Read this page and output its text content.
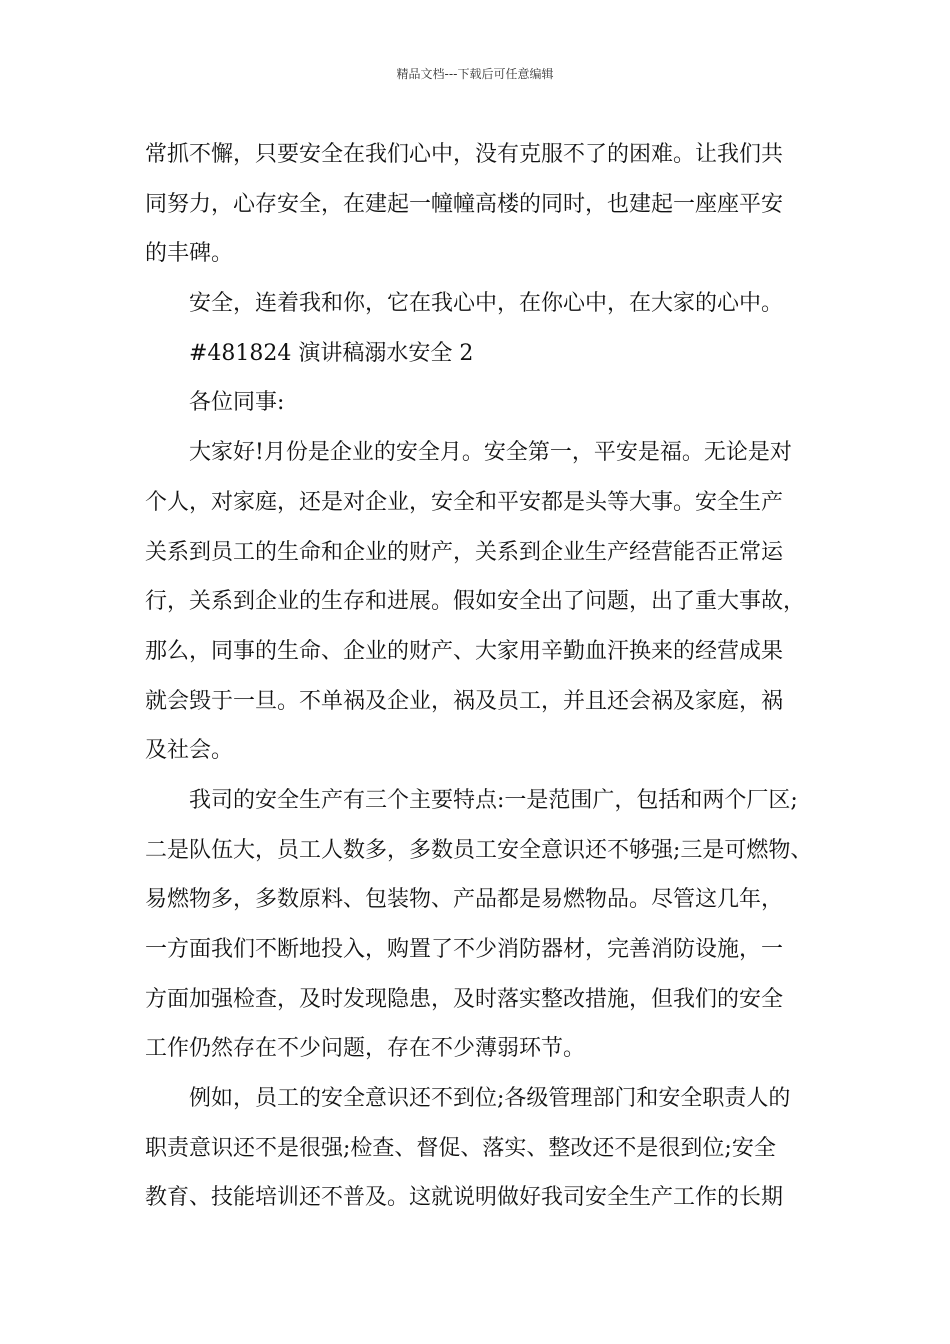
精品文档---下载后可任意编辑
常抓不懈，只要安全在我们心中，没有克服不了的困难。让我们共
同努力，心存安全，在建起一幢幢高楼的同时，也建起一座座平安
的丰碑。
安全，连着我和你，它在我心中，在你心中，在大家的心中。
#481824 演讲稿溺水安全 2
各位同事:
大家好!月份是企业的安全月。安全第一，平安是福。无论是对
个人，对家庭，还是对企业，安全和平安都是头等大事。安全生产
关系到员工的生命和企业的财产，关系到企业生产经营能否正常运
行，关系到企业的生存和进展。假如安全出了问题，出了重大事故，
那么，同事的生命、企业的财产、大家用辛勤血汗换来的经营成果
就会毁于一旦。不单祸及企业，祸及员工，并且还会祸及家庭，祸
及社会。
我司的安全生产有三个主要特点:一是范围广，包括和两个厂区;
二是队伍大，员工人数多，多数员工安全意识还不够强;三是可燃物、
易燃物多，多数原料、包装物、产品都是易燃物品。尽管这几年，
一方面我们不断地投入，购置了不少消防器材，完善消防设施，一
方面加强检查，及时发现隐患，及时落实整改措施，但我们的安全
工作仍然存在不少问题，存在不少薄弱环节。
例如，员工的安全意识还不到位;各级管理部门和安全职责人的
职责意识还不是很强;检查、督促、落实、整改还不是很到位;安全
教育、技能培训还不普及。这就说明做好我司安全生产工作的长期
